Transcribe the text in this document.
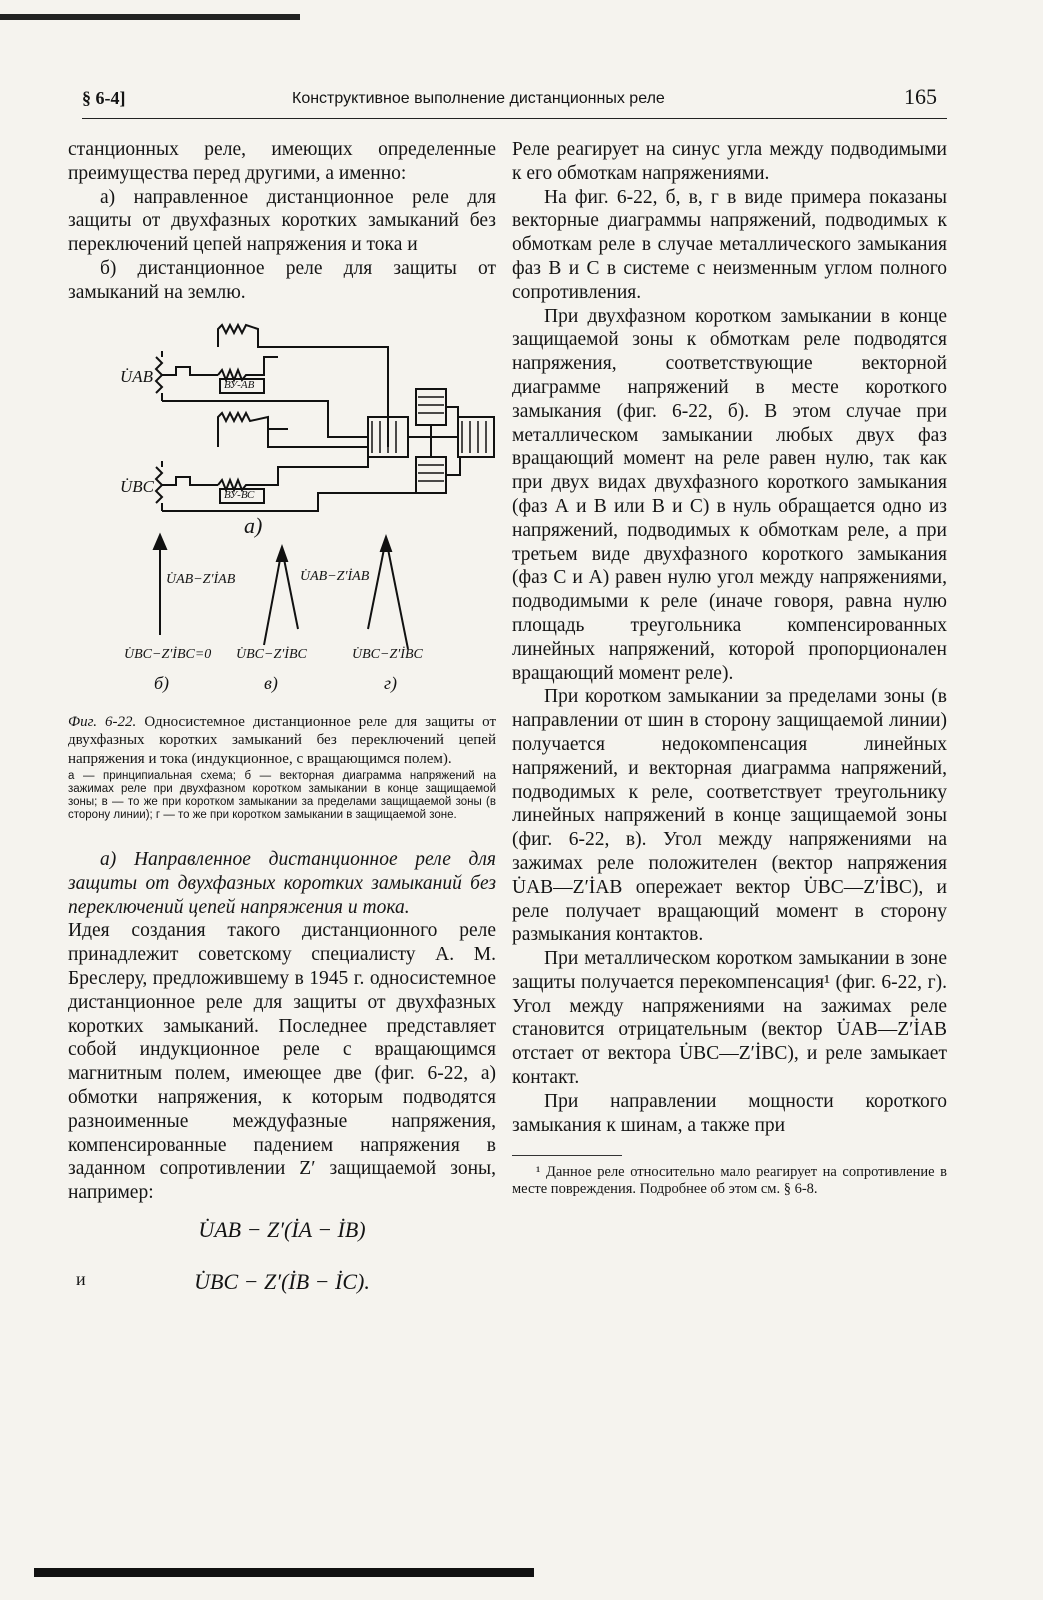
§ 6-4]	Конструктивное выполнение дистанционных реле	165

станционных реле, имеющих определенные преимущества перед другими, а именно:

а) направленное дистанционное реле для защиты от двухфазных коротких замыканий без переключений цепей напряжения и тока и

б) дистанционное реле для защиты от замыканий на землю.

U̇AB
U̇BC
ВУ-АВ
ВУ-ВС
а)
U̇AB−Z′İAB
U̇BC−Z′İBC=0
U̇AB−Z′İAB
U̇BC−Z′İBC	U̇BC−Z′İBC
б)	в)	г)

Фиг. 6-22. Односистемное дистанционное реле для защиты от двухфазных коротких замыканий без переключений цепей напряжения и тока (индукционное, с вращающимся полем).

а — принципиальная схема; б — векторная диаграмма напряжений на зажимах реле при двухфазном коротком замыкании в конце защищаемой зоны; в — то же при коротком замыкании за пределами защищаемой зоны (в сторону линии); г — то же при коротком замыкании в защищаемой зоне.

а) Направленное дистанционное реле для защиты от двухфазных коротких замыканий без переключений цепей напряжения и тока.

Идея создания такого дистанционного реле принадлежит советскому специалисту А. М. Бреслеру, предложившему в 1945 г. односистемное дистанционное реле для защиты от двухфазных коротких замыканий. Последнее представляет собой индукционное реле с вращающимся магнитным полем, имеющее две (фиг. 6-22, а) обмотки напряжения, к которым подводятся разноименные междуфазные напряжения, компенсированные падением напряжения в заданном сопротивлении Z′ защищаемой зоны, например:

U̇AB − Z′(İA − İB)
и	U̇BC − Z′(İB − İC).

Реле реагирует на синус угла между подводимыми к его обмоткам напряжениями.

На фиг. 6-22, б, в, г в виде примера показаны векторные диаграммы напряжений, подводимых к обмоткам реле в случае металлического замыкания фаз В и С в системе с неизменным углом полного сопротивления.

При двухфазном коротком замыкании в конце защищаемой зоны к обмоткам реле подводятся напряжения, соответствующие векторной диаграмме напряжений в месте короткого замыкания (фиг. 6-22, б). В этом случае при металлическом замыкании любых двух фаз вращающий момент на реле равен нулю, так как при двух видах двухфазного короткого замыкания (фаз А и В или В и С) в нуль обращается одно из напряжений, подводимых к обмоткам реле, а при третьем виде двухфазного короткого замыкания (фаз С и А) равен нулю угол между напряжениями, подводимыми к реле (иначе говоря, равна нулю площадь треугольника компенсированных линейных напряжений, которой пропорционален вращающий момент реле).

При коротком замыкании за пределами зоны (в направлении от шин в сторону защищаемой линии) получается недокомпенсация линейных напряжений, и векторная диаграмма напряжений, подводимых к реле, соответствует треугольнику линейных напряжений в конце защищаемой зоны (фиг. 6-22, в). Угол между напряжениями на зажимах реле положителен (вектор напряжения U̇AB—Z′İAB опережает вектор U̇BC—Z′İBC), и реле получает вращающий момент в сторону размыкания контактов.

При металлическом коротком замыкании в зоне защиты получается перекомпенсация¹ (фиг. 6-22, г). Угол между напряжениями на зажимах реле становится отрицательным (вектор U̇AB—Z′İAB отстает от вектора U̇BC—Z′İBC), и реле замыкает контакт.

При направлении мощности короткого замыкания к шинам, а также при

¹ Данное реле относительно мало реагирует на сопротивление в месте повреждения. Подробнее об этом см. § 6-8.
